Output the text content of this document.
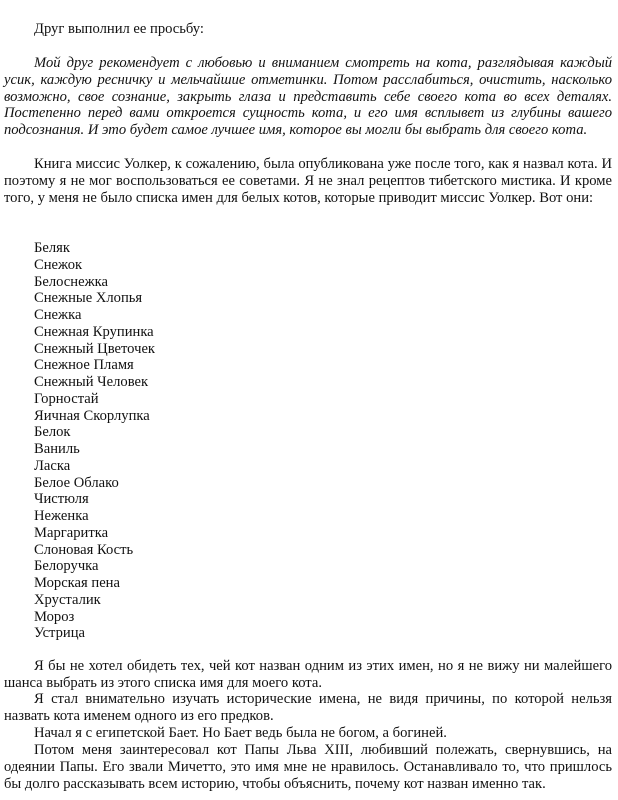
Друг выполнил ее просьбу:

Мой друг рекомендует с любовью и вниманием смотреть на кота, разглядывая каждый усик, каждую ресничку и мельчайшие отметинки. Потом расслабиться, очистить, насколько возможно, свое сознание, закрыть глаза и представить себе своего кота во всех деталях. Постепенно перед вами откроется сущность кота, и его имя всплывет из глубины вашего подсознания. И это будет самое лучшее имя, которое вы могли бы выбрать для своего кота.

Книга миссис Уолкер, к сожалению, была опубликована уже после того, как я назвал кота. И поэтому я не мог воспользоваться ее советами. Я не знал рецептов тибетского мистика. И кроме того, у меня не было списка имен для белых котов, которые приводит миссис Уолкер. Вот они:

Беляк
Снежок
Белоснежка
Снежные Хлопья
Снежка
Снежная Крупинка
Снежный Цветочек
Снежное Пламя
Снежный Человек
Горностай
Яичная Скорлупка
Белок
Ваниль
Ласка
Белое Облако
Чистюля
Неженка
Маргаритка
Слоновая Кость
Белоручка
Морская пена
Хрусталик
Мороз
Устрица

Я бы не хотел обидеть тех, чей кот назван одним из этих имен, но я не вижу ни малейшего шанса выбрать из этого списка имя для моего кота.

Я стал внимательно изучать исторические имена, не видя причины, по которой нельзя назвать кота именем одного из его предков.

Начал я с египетской Бает. Но Бает ведь была не богом, а богиней.

Потом меня заинтересовал кот Папы Льва XIII, любивший полежать, свернувшись, на одеянии Папы. Его звали Мичетто, это имя мне не нравилось. Останавливало то, что пришлось бы долго рассказывать всем историю, чтобы объяснить, почему кот назван именно так.
